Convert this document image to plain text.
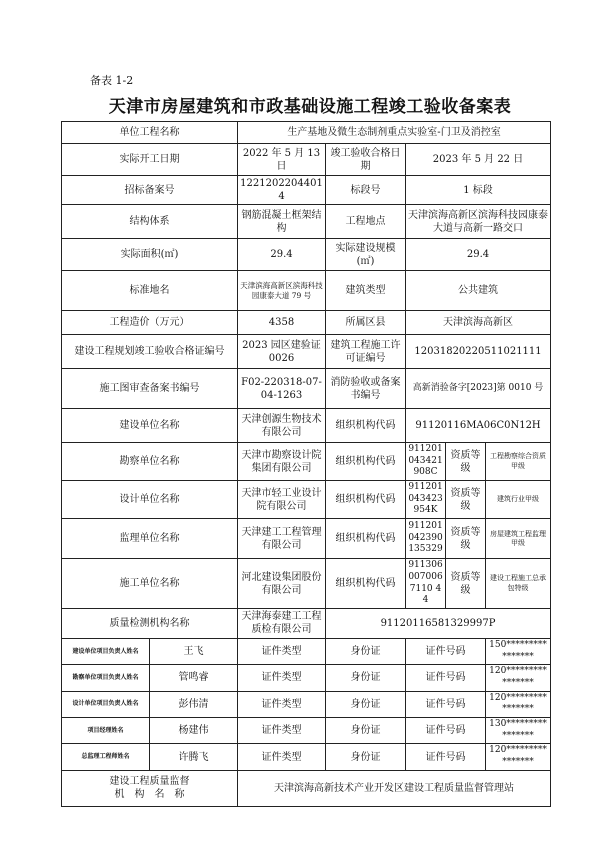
备表 1-2
天津市房屋建筑和市政基础设施工程竣工验收备案表
单位工程名称		生产基地及微生态制剂重点实验室-门卫及消控室				
实际开工日期		2022 年 5 月 13 日	竣工验收合格日期	2023 年 5 月 22 日		
招标备案号		12212022044014	标段号	1 标段		
结构体系		钢筋混凝土框架结构	工程地点	天津滨海高新区滨海科技园康泰大道与高新一路交口		
实际面积(㎡)		29.4	实际建设规模(㎡)	29.4		
标准地名		天津滨海高新区滨海科技园康泰大道 79 号	建筑类型	公共建筑		
工程造价（万元）		4358	所属区县	天津滨海高新区		
建设工程规划竣工验收合格证编号		2023 园区建验证 0026	建筑工程施工许可证编号	12031820220511021111		
施工图审查备案书编号		F02-220318-07-04-1263	消防验收或备案书编号	高新消验备字[2023]第 0010 号		
建设单位名称		天津创源生物技术有限公司	组织机构代码	91120116MA06C0N12H		
勘察单位名称		天津市勘察设计院集团有限公司	组织机构代码	911201043421908C	资质等级	工程勘察综合资质甲级
设计单位名称		天津市轻工业设计院有限公司	组织机构代码	911201043423954K	资质等级	建筑行业甲级
监理单位名称		天津建工工程管理有限公司	组织机构代码	911201042390135329	资质等级	房屋建筑工程监理甲级
施工单位名称		河北建设集团股份有限公司	组织机构代码	9113060070067110 44	资质等级	建设工程施工总承包特级
质量检测机构名称		天津海泰建工工程质检有限公司	91120116581329997P			
建设单位项目负责人姓名	王飞	证件类型	身份证	证件号码		150****************
勘察单位项目负责人姓名	管鸣睿	证件类型	身份证	证件号码		120****************
设计单位项目负责人姓名	彭伟清	证件类型	身份证	证件号码		120****************
项目经理姓名	杨建伟	证件类型	身份证	证件号码		130****************
总监理工程师姓名	许腾飞	证件类型	身份证	证件号码		120****************

建设工程质量监督
机　构　名　称		天津滨海高新技术产业开发区建设工程质量监督管理站				
